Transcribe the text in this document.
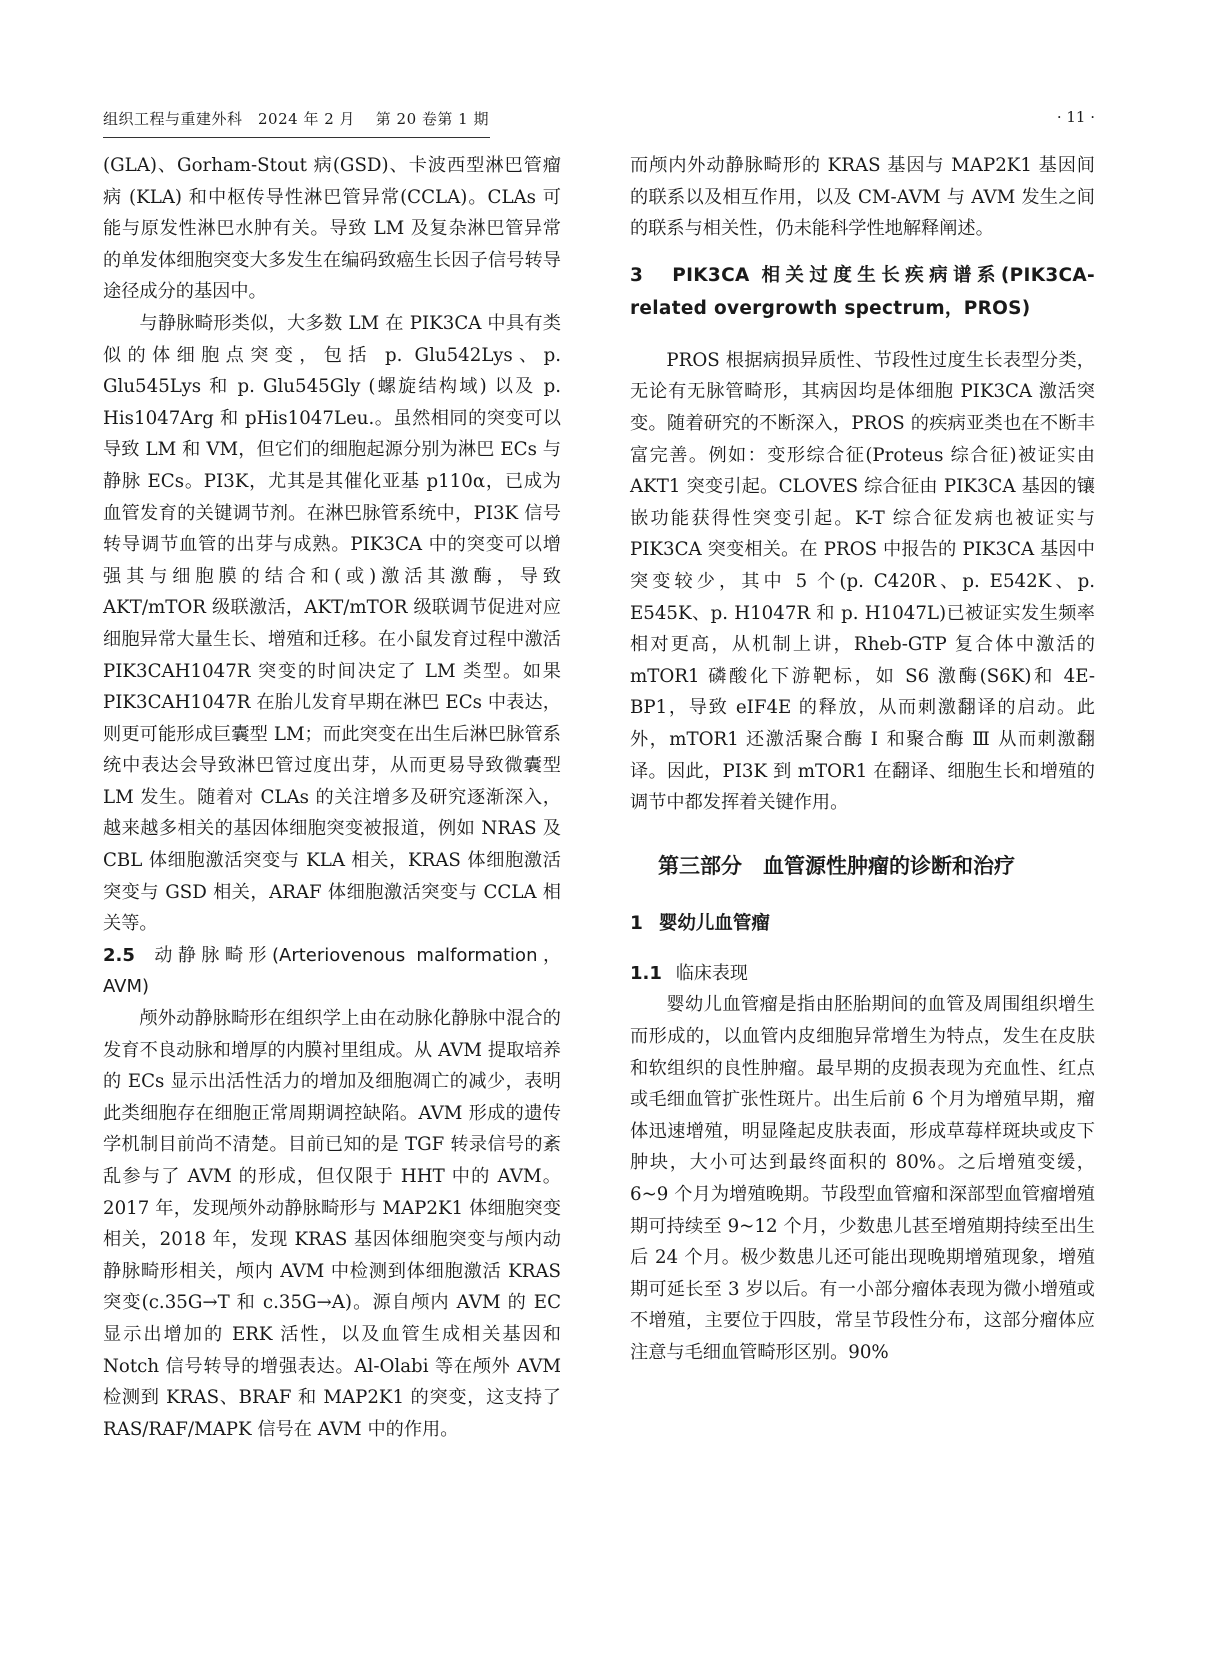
组织工程与重建外科　2024 年 2 月　 第 20 卷第 1 期	· 11 ·

(GLA)、Gorham-Stout 病(GSD)、卡波西型淋巴管瘤病 (KLA) 和中枢传导性淋巴管异常(CCLA)。CLAs 可能与原发性淋巴水肿有关。导致 LM 及复杂淋巴管异常的单发体细胞突变大多发生在编码致癌生长因子信号转导途径成分的基因中。

与静脉畸形类似，大多数 LM 在 PIK3CA 中具有类似的体细胞点突变，包括 p. Glu542Lys、p. Glu545Lys 和 p. Glu545Gly (螺旋结构域) 以及 p. His1047Arg 和 pHis1047Leu.。虽然相同的突变可以导致 LM 和 VM，但它们的细胞起源分别为淋巴 ECs 与静脉 ECs。PI3K，尤其是其催化亚基 p110α，已成为血管发育的关键调节剂。在淋巴脉管系统中，PI3K 信号转导调节血管的出芽与成熟。PIK3CA 中的突变可以增强其与细胞膜的结合和(或)激活其激酶，导致 AKT/mTOR 级联激活，AKT/mTOR 级联调节促进对应细胞异常大量生长、增殖和迁移。在小鼠发育过程中激活 PIK3CAH1047R 突变的时间决定了 LM 类型。如果 PIK3CAH1047R 在胎儿发育早期在淋巴 ECs 中表达，则更可能形成巨囊型 LM；而此突变在出生后淋巴脉管系统中表达会导致淋巴管过度出芽，从而更易导致微囊型 LM 发生。随着对 CLAs 的关注增多及研究逐渐深入，越来越多相关的基因体细胞突变被报道，例如 NRAS 及 CBL 体细胞激活突变与 KLA 相关，KRAS 体细胞激活突变与 GSD 相关，ARAF 体细胞激活突变与 CCLA 相关等。

2.5 动静脉畸形(Arteriovenous malformation，AVM)

颅外动静脉畸形在组织学上由在动脉化静脉中混合的发育不良动脉和增厚的内膜衬里组成。从 AVM 提取培养的 ECs 显示出活性活力的增加及细胞凋亡的减少，表明此类细胞存在细胞正常周期调控缺陷。AVM 形成的遗传学机制目前尚不清楚。目前已知的是 TGF 转录信号的紊乱参与了 AVM 的形成，但仅限于 HHT 中的 AVM。2017 年，发现颅外动静脉畸形与 MAP2K1 体细胞突变相关，2018 年，发现 KRAS 基因体细胞突变与颅内动静脉畸形相关，颅内 AVM 中检测到体细胞激活 KRAS 突变(c.35G→T 和 c.35G→A)。源自颅内 AVM 的 EC 显示出增加的 ERK 活性，以及血管生成相关基因和 Notch 信号转导的增强表达。Al-Olabi 等在颅外 AVM 检测到 KRAS、BRAF 和 MAP2K1 的突变，这支持了 RAS/RAF/MAPK 信号在 AVM 中的作用。

而颅内外动静脉畸形的 KRAS 基因与 MAP2K1 基因间的联系以及相互作用，以及 CM-AVM 与 AVM 发生之间的联系与相关性，仍未能科学性地解释阐述。

3　PIK3CA 相关过度生长疾病谱系(PIK3CA-related overgrowth spectrum，PROS)

PROS 根据病损异质性、节段性过度生长表型分类，无论有无脉管畸形，其病因均是体细胞 PIK3CA 激活突变。随着研究的不断深入，PROS 的疾病亚类也在不断丰富完善。例如：变形综合征(Proteus 综合征)被证实由 AKT1 突变引起。CLOVES 综合征由 PIK3CA 基因的镶嵌功能获得性突变引起。K-T 综合征发病也被证实与 PIK3CA 突变相关。在 PROS 中报告的 PIK3CA 基因中突变较少，其中 5 个(p. C420R、p. E542K、p. E545K、p. H1047R 和 p. H1047L)已被证实发生频率相对更高，从机制上讲，Rheb-GTP 复合体中激活的 mTOR1 磷酸化下游靶标，如 S6 激酶(S6K)和 4E-BP1，导致 eIF4E 的释放，从而刺激翻译的启动。此外，mTOR1 还激活聚合酶 Ⅰ 和聚合酶 Ⅲ 从而刺激翻译。因此，PI3K 到 mTOR1 在翻译、细胞生长和增殖的调节中都发挥着关键作用。

第三部分　血管源性肿瘤的诊断和治疗
1 婴幼儿血管瘤
1.1 临床表现

婴幼儿血管瘤是指由胚胎期间的血管及周围组织增生而形成的，以血管内皮细胞异常增生为特点，发生在皮肤和软组织的良性肿瘤。最早期的皮损表现为充血性、红点或毛细血管扩张性斑片。出生后前 6 个月为增殖早期，瘤体迅速增殖，明显隆起皮肤表面，形成草莓样斑块或皮下肿块，大小可达到最终面积的 80%。之后增殖变缓，6~9 个月为增殖晚期。节段型血管瘤和深部型血管瘤增殖期可持续至 9~12 个月，少数患儿甚至增殖期持续至出生后 24 个月。极少数患儿还可能出现晚期增殖现象，增殖期可延长至 3 岁以后。有一小部分瘤体表现为微小增殖或不增殖，主要位于四肢，常呈节段性分布，这部分瘤体应注意与毛细血管畸形区别。90%
